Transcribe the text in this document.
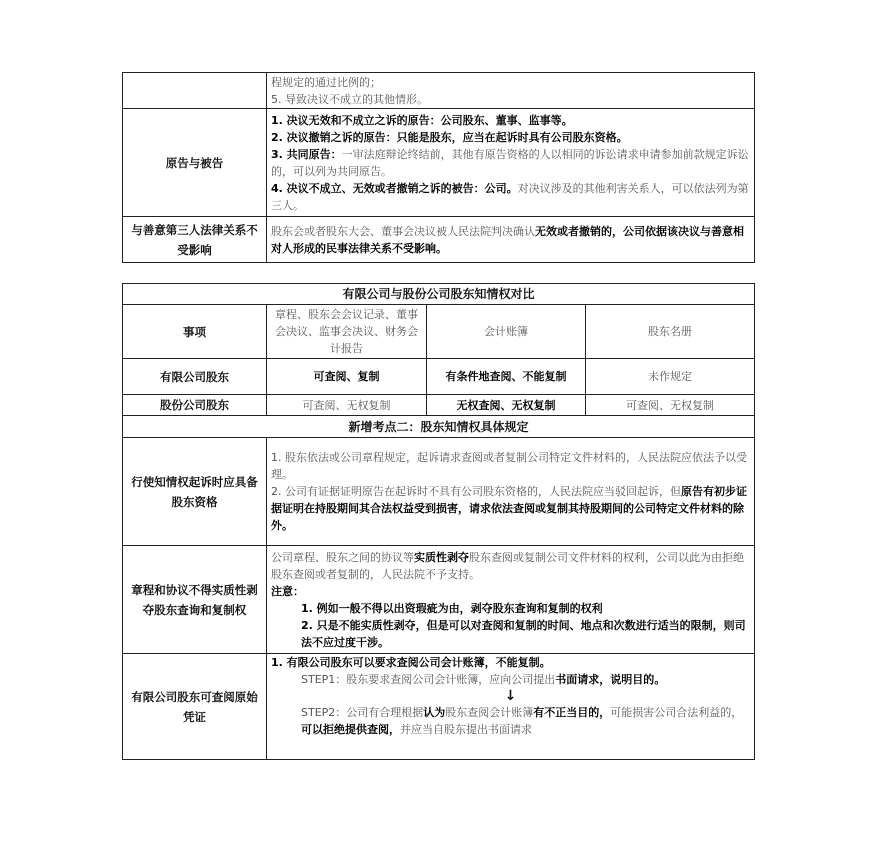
	程规定的通过比例的；
5. 导致决议不成立的其他情形。

原告与被告	1. 决议无效和不成立之诉的原告：公司股东、董事、监事等。
2. 决议撤销之诉的原告：只能是股东，应当在起诉时具有公司股东资格。
3. 共同原告：一审法庭辩论终结前，其他有原告资格的人以相同的诉讼请求申请参加前款规定诉讼的，可以列为共同原告。
4. 决议不成立、无效或者撤销之诉的被告：公司。对决议涉及的其他利害关系人，可以依法列为第三人。

与善意第三人法律关系不受影响	股东会或者股东大会、董事会决议被人民法院判决确认无效或者撤销的，公司依据该决议与善意相对人形成的民事法律关系不受影响。
有限公司与股份公司股东知情权对比			
事项	章程、股东会会议记录、董事会决议、监事会决议、财务会计报告	会计账簿	股东名册
有限公司股东	可查阅、复制	有条件地查阅、不能复制	未作规定
股份公司股东	可查阅、无权复制	无权查阅、无权复制	可查阅、无权复制
新增考点二：股东知情权具体规定			
行使知情权起诉时应具备股东资格	1. 股东依法或公司章程规定，起诉请求查阅或者复制公司特定文件材料的，人民法院应依法予以受理。
2. 公司有证据证明原告在起诉时不具有公司股东资格的，人民法院应当驳回起诉，但原告有初步证据证明在持股期间其合法权益受到损害，请求依法查阅或复制其持股期间的公司特定文件材料的除外。		

章程和协议不得实质性剥夺股东查询和复制权	公司章程、股东之间的协议等实质性剥夺股东查阅或复制公司文件材料的权利，公司以此为由拒绝股东查阅或者复制的，人民法院不予支持。
注意：
1. 例如一般不得以出资瑕疵为由，剥夺股东查询和复制的权利
2. 只是不能实质性剥夺，但是可以对查阅和复制的时间、地点和次数进行适当的限制，则司法不应过度干涉。		

有限公司股东可查阅原始凭证	1. 有限公司股东可以要求查阅公司会计账簿，不能复制。
STEP1：股东要求查阅公司会计账簿，应向公司提出书面请求，说明目的。
↓
STEP2：公司有合理根据认为股东查阅会计账簿有不正当目的，可能损害公司合法利益的，可以拒绝提供查阅，并应当自股东提出书面请求		
